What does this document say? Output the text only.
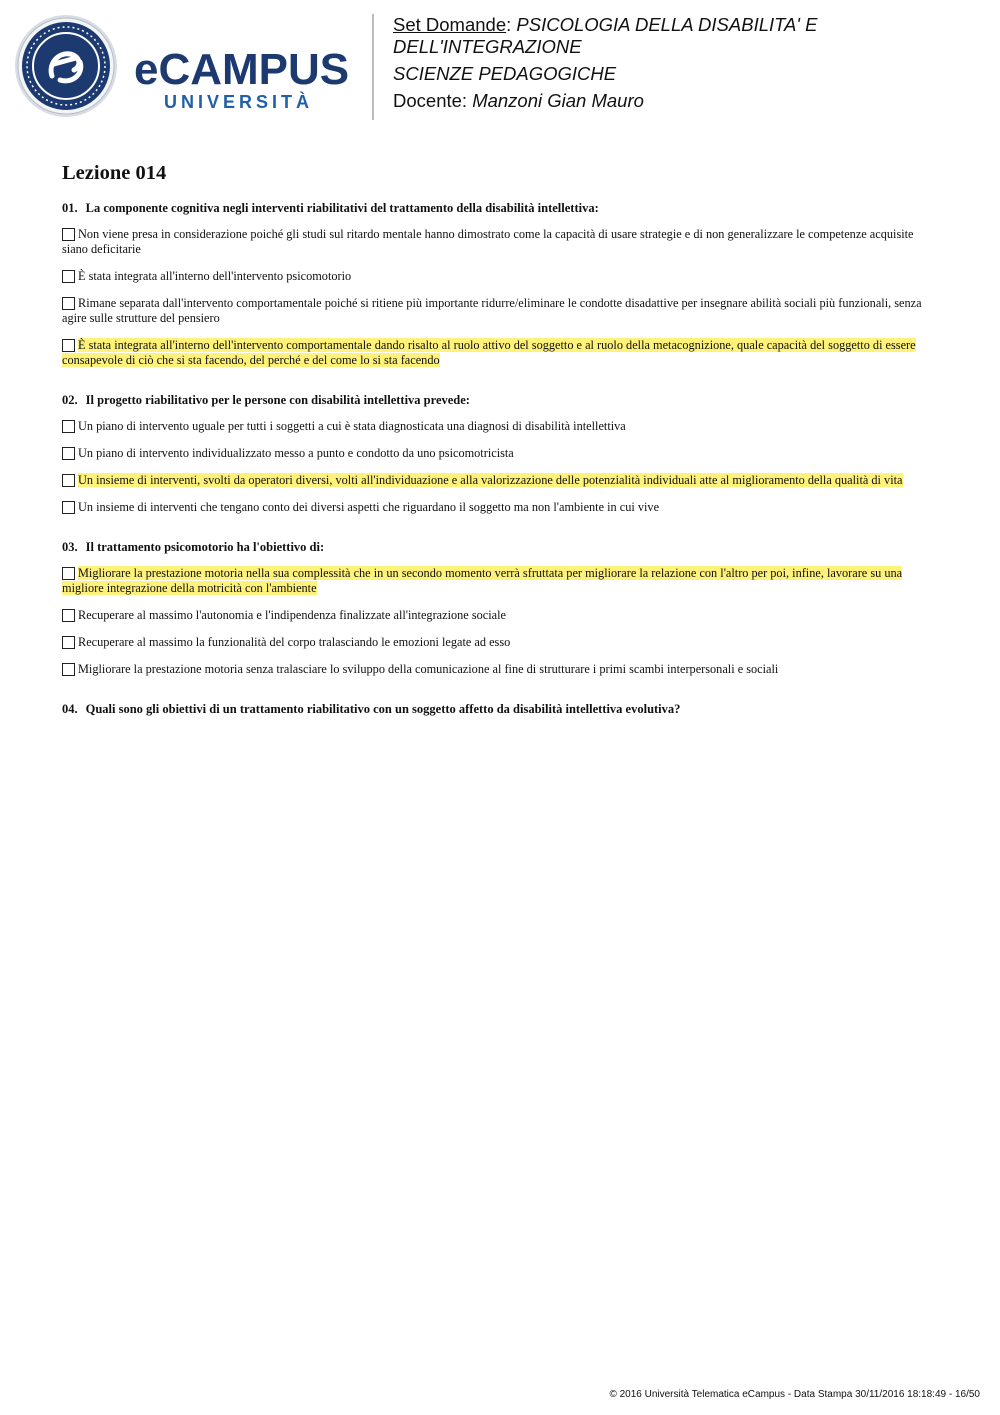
eCAMPUS
UNIVERSITÀ
Set Domande: PSICOLOGIA DELLA DISABILITA' E DELL'INTEGRAZIONE
SCIENZE PEDAGOGICHE
Docente: Manzoni Gian Mauro
Lezione 014
01. La componente cognitiva negli interventi riabilitativi del trattamento della disabilità intellettiva:
Non viene presa in considerazione poiché gli studi sul ritardo mentale hanno dimostrato come la capacità di usare strategie e di non generalizzare le competenze acquisite siano deficitarie
È stata integrata all'interno dell'intervento psicomotorio
Rimane separata dall'intervento comportamentale poiché si ritiene più importante ridurre/eliminare le condotte disadattive per insegnare abilità sociali più funzionali, senza agire sulle strutture del pensiero
È stata integrata all'interno dell'intervento comportamentale dando risalto al ruolo attivo del soggetto e al ruolo della metacognizione, quale capacità del soggetto di essere consapevole di ciò che si sta facendo, del perché e del come lo si sta facendo
02. Il progetto riabilitativo per le persone con disabilità intellettiva prevede:
Un piano di intervento uguale per tutti i soggetti a cui è stata diagnosticata una diagnosi di disabilità intellettiva
Un piano di intervento individualizzato messo a punto e condotto da uno psicomotricista
Un insieme di interventi, svolti da operatori diversi, volti all'individuazione e alla valorizzazione delle potenzialità individuali atte al miglioramento della qualità di vita
Un insieme di interventi che tengano conto dei diversi aspetti che riguardano il soggetto ma non l'ambiente in cui vive
03. Il trattamento psicomotorio ha l'obiettivo di:
Migliorare la prestazione motoria nella sua complessità che in un secondo momento verrà sfruttata per migliorare la relazione con l'altro per poi, infine, lavorare su una migliore integrazione della motricità con l'ambiente
Recuperare al massimo l'autonomia e l'indipendenza finalizzate all'integrazione sociale
Recuperare al massimo la funzionalità del corpo tralasciando le emozioni legate ad esso
Migliorare la prestazione motoria senza tralasciare lo sviluppo della comunicazione al fine di strutturare i primi scambi interpersonali e sociali
04. Quali sono gli obiettivi di un trattamento riabilitativo con un soggetto affetto da disabilità intellettiva evolutiva?
© 2016 Università Telematica eCampus - Data Stampa 30/11/2016 18:18:49 - 16/50
